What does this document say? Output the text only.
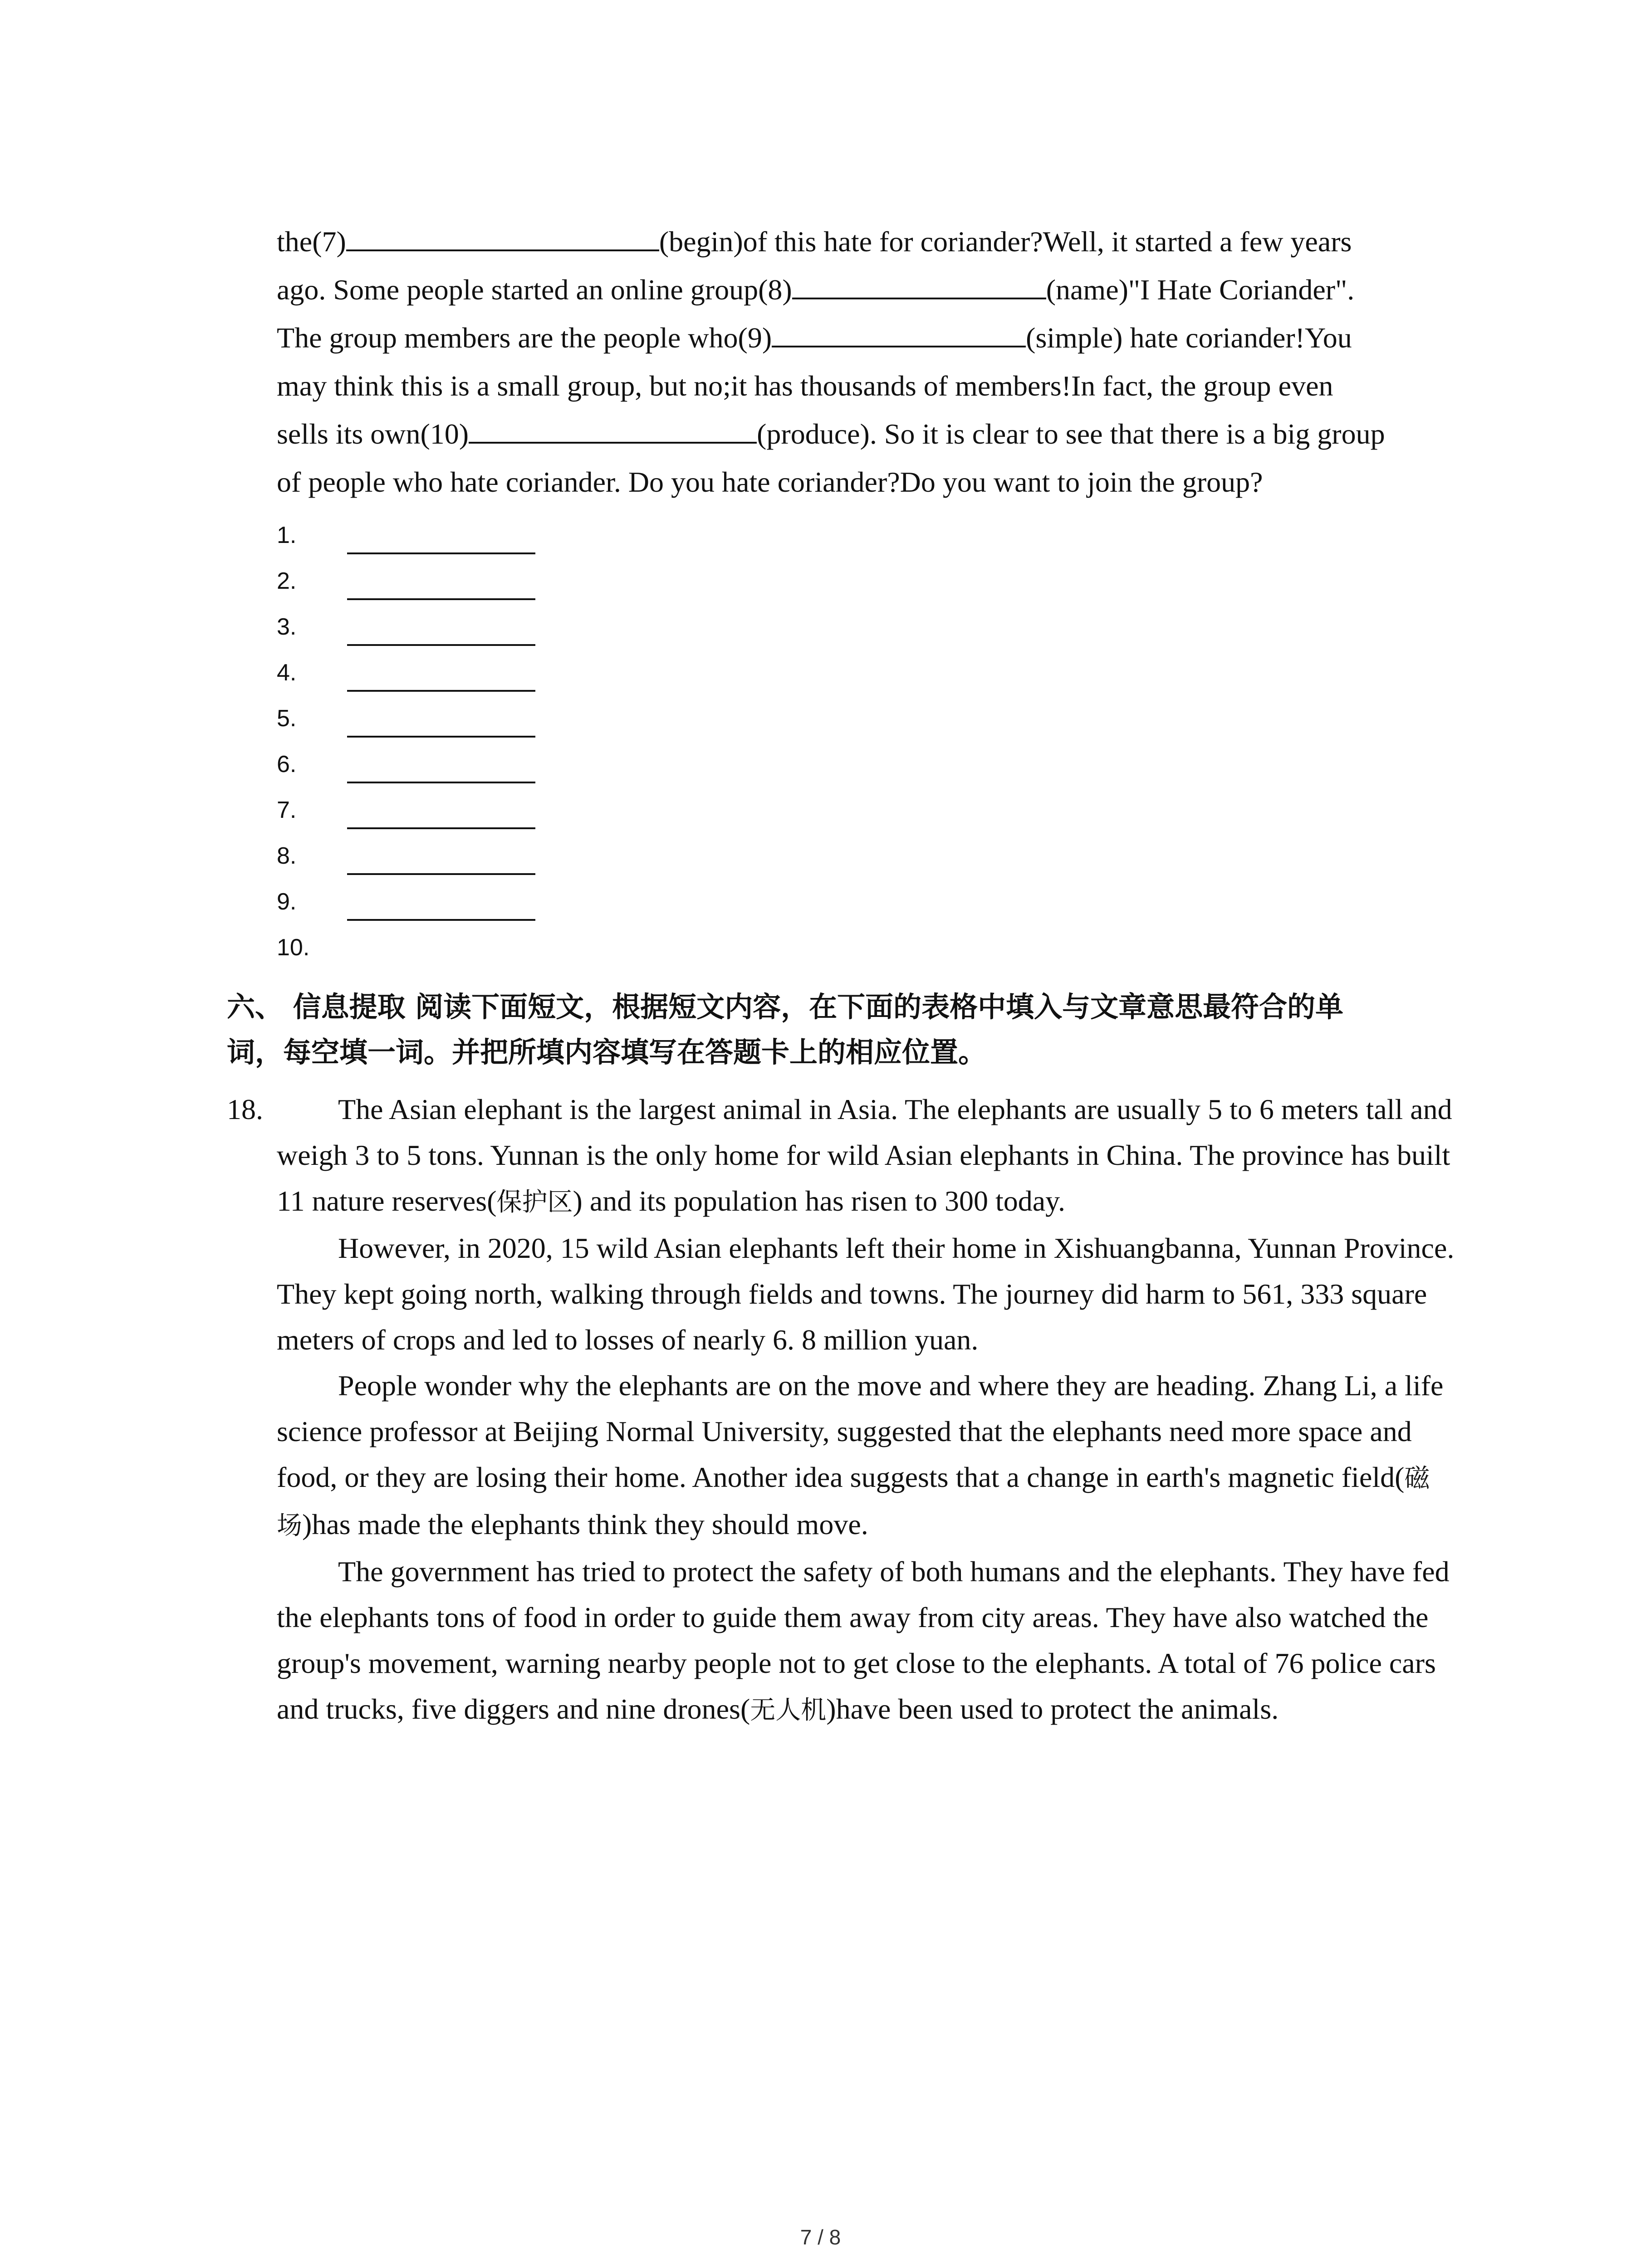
the(7)	(begin)of this hate for coriander?Well, it started a few years
ago. Some people started an online group(8)	(name)"I Hate Coriander".
The group members are the people who(9)	(simple) hate coriander!You
may think this is a small group, but no;it has thousands of members!In fact, the group even
sells its own(10)	(produce). So it is clear to see that there is a big group
of people who hate coriander. Do you hate coriander?Do you want to join the group?
1.
2.
3.
4.
5.
6.
7.
8.
9.
10.
六、 信息提取 阅读下面短文，根据短文内容，在下面的表格中填入与文章意思最符合的单
词，每空填一词。并把所填内容填写在答题卡上的相应位置。
18.	The Asian elephant is the largest animal in Asia. The elephants are usually 5 to 6 meters tall and weigh 3 to 5 tons. Yunnan is the only home for wild Asian elephants in China. The province has built 11 nature reserves(保护区) and its population has risen to 300 today.

However, in 2020, 15 wild Asian elephants left their home in Xishuangbanna, Yunnan Province. They kept going north, walking through fields and towns. The journey did harm to 561, 333 square meters of crops and led to losses of nearly 6. 8 million yuan.

People wonder why the elephants are on the move and where they are heading. Zhang Li, a life science professor at Beijing Normal University, suggested that the elephants need more space and food, or they are losing their home. Another idea suggests that a change in earth's magnetic field(磁场)has made the elephants think they should move.

The government has tried to protect the safety of both humans and the elephants. They have fed the elephants tons of food in order to guide them away from city areas. They have also watched the group's movement, warning nearby people not to get close to the elephants. A total of 76 police cars and trucks, five diggers and nine drones(无人机)have been used to protect the animals.

7 / 8
